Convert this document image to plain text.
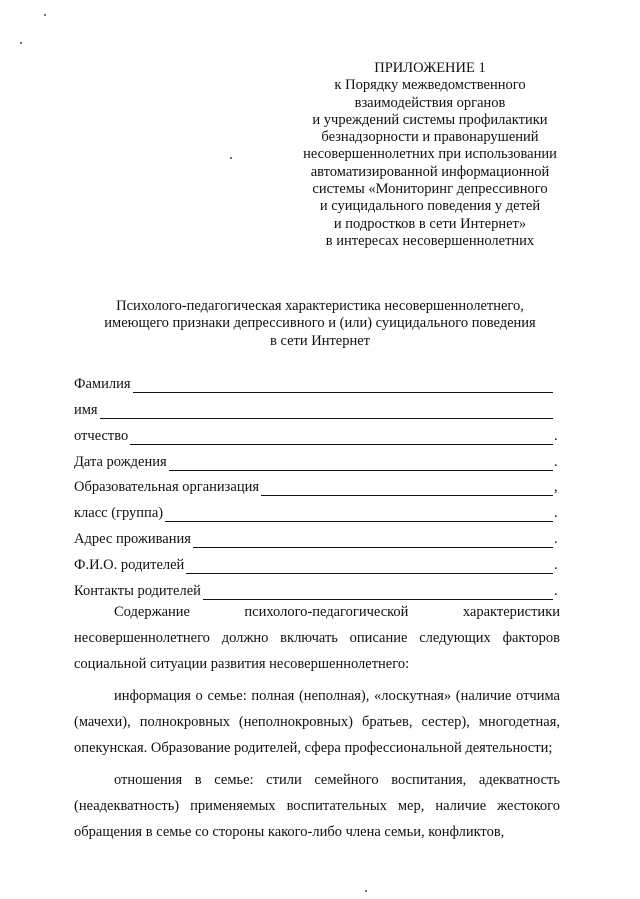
ПРИЛОЖЕНИЕ 1
к Порядку межведомственного
взаимодействия органов
и учреждений системы профилактики
безнадзорности и правонарушений
несовершеннолетних при использовании
автоматизированной информационной
системы «Мониторинг депрессивного
и суицидального поведения у детей
и подростков в сети Интернет»
в интересах несовершеннолетних
Психолого-педагогическая характеристика несовершеннолетнего,
имеющего признаки депрессивного и (или) суицидального поведения
в сети Интернет
Фамилия
имя
отчество	.
Дата рождения	.
Образовательная организация	,
класс (группа)	.
Адрес проживания	.
Ф.И.О. родителей	.
Контакты родителей	.

Содержание психолого-педагогической характеристики несовершеннолетнего должно включать описание следующих факторов социальной ситуации развития несовершеннолетнего:

информация о семье: полная (неполная), «лоскутная» (наличие отчима (мачехи), полнокровных (неполнокровных) братьев, сестер), многодетная, опекунская. Образование родителей, сфера профессиональной деятельности;

отношения в семье: стили семейного воспитания, адекватность (неадекватность) применяемых воспитательных мер, наличие жестокого обращения в семье со стороны какого-либо члена семьи, конфликтов,
